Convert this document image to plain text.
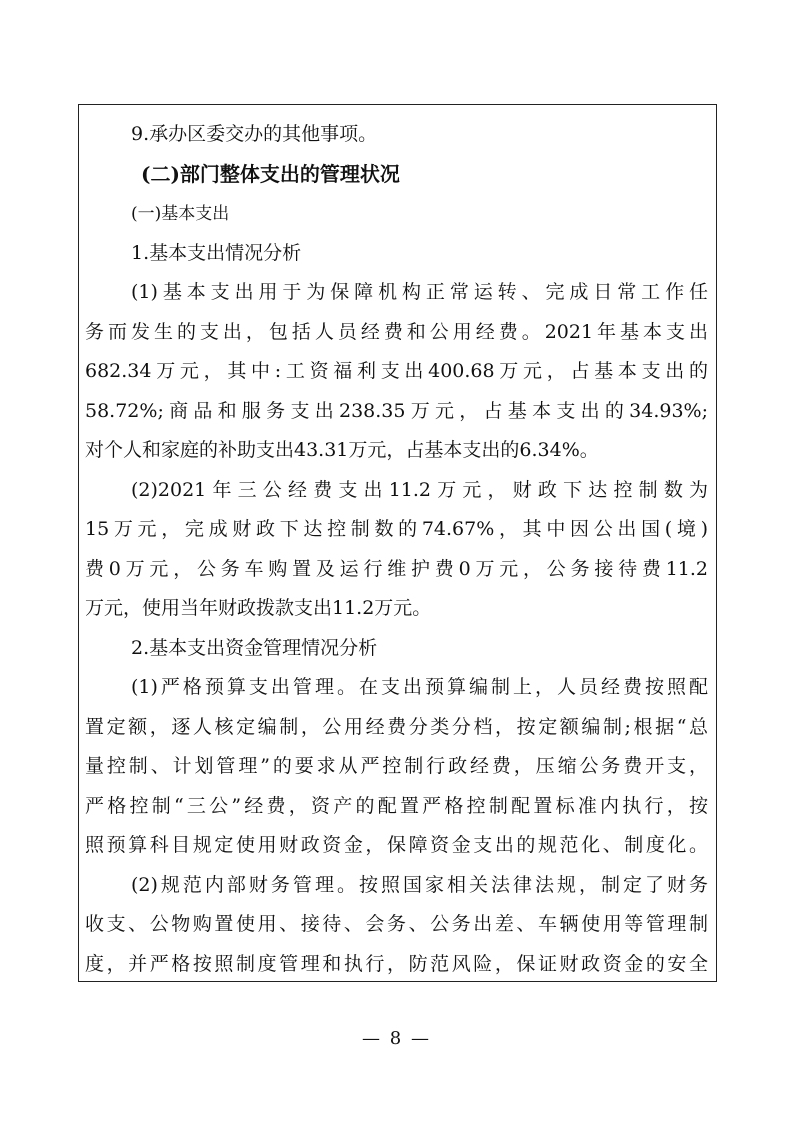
9.承办区委交办的其他事项。
(二)部门整体支出的管理状况
(一)基本支出
1.基本支出情况分析
(1)基本支出用于为保障机构正常运转、完成日常工作任
务而发生的支出，包括人员经费和公用经费。2021年基本支出
682.34万元，其中:工资福利支出400.68万元，占基本支出的
58.72%;商品和服务支出238.35万元，占基本支出的34.93%;
对个人和家庭的补助支出43.31万元，占基本支出的6.34%。
(2)2021年三公经费支出11.2万元，财政下达控制数为
15万元，完成财政下达控制数的74.67%，其中因公出国(境)
费0万元，公务车购置及运行维护费0万元，公务接待费11.2
万元，使用当年财政拨款支出11.2万元。
2.基本支出资金管理情况分析
(1)严格预算支出管理。在支出预算编制上，人员经费按照配
置定额，逐人核定编制，公用经费分类分档，按定额编制;根据“总
量控制、计划管理”的要求从严控制行政经费，压缩公务费开支，
严格控制“三公”经费，资产的配置严格控制配置标准内执行，按
照预算科目规定使用财政资金，保障资金支出的规范化、制度化。
(2)规范内部财务管理。按照国家相关法律法规，制定了财务
收支、公物购置使用、接待、会务、公务出差、车辆使用等管理制
度，并严格按照制度管理和执行，防范风险，保证财政资金的安全
— 8 —
